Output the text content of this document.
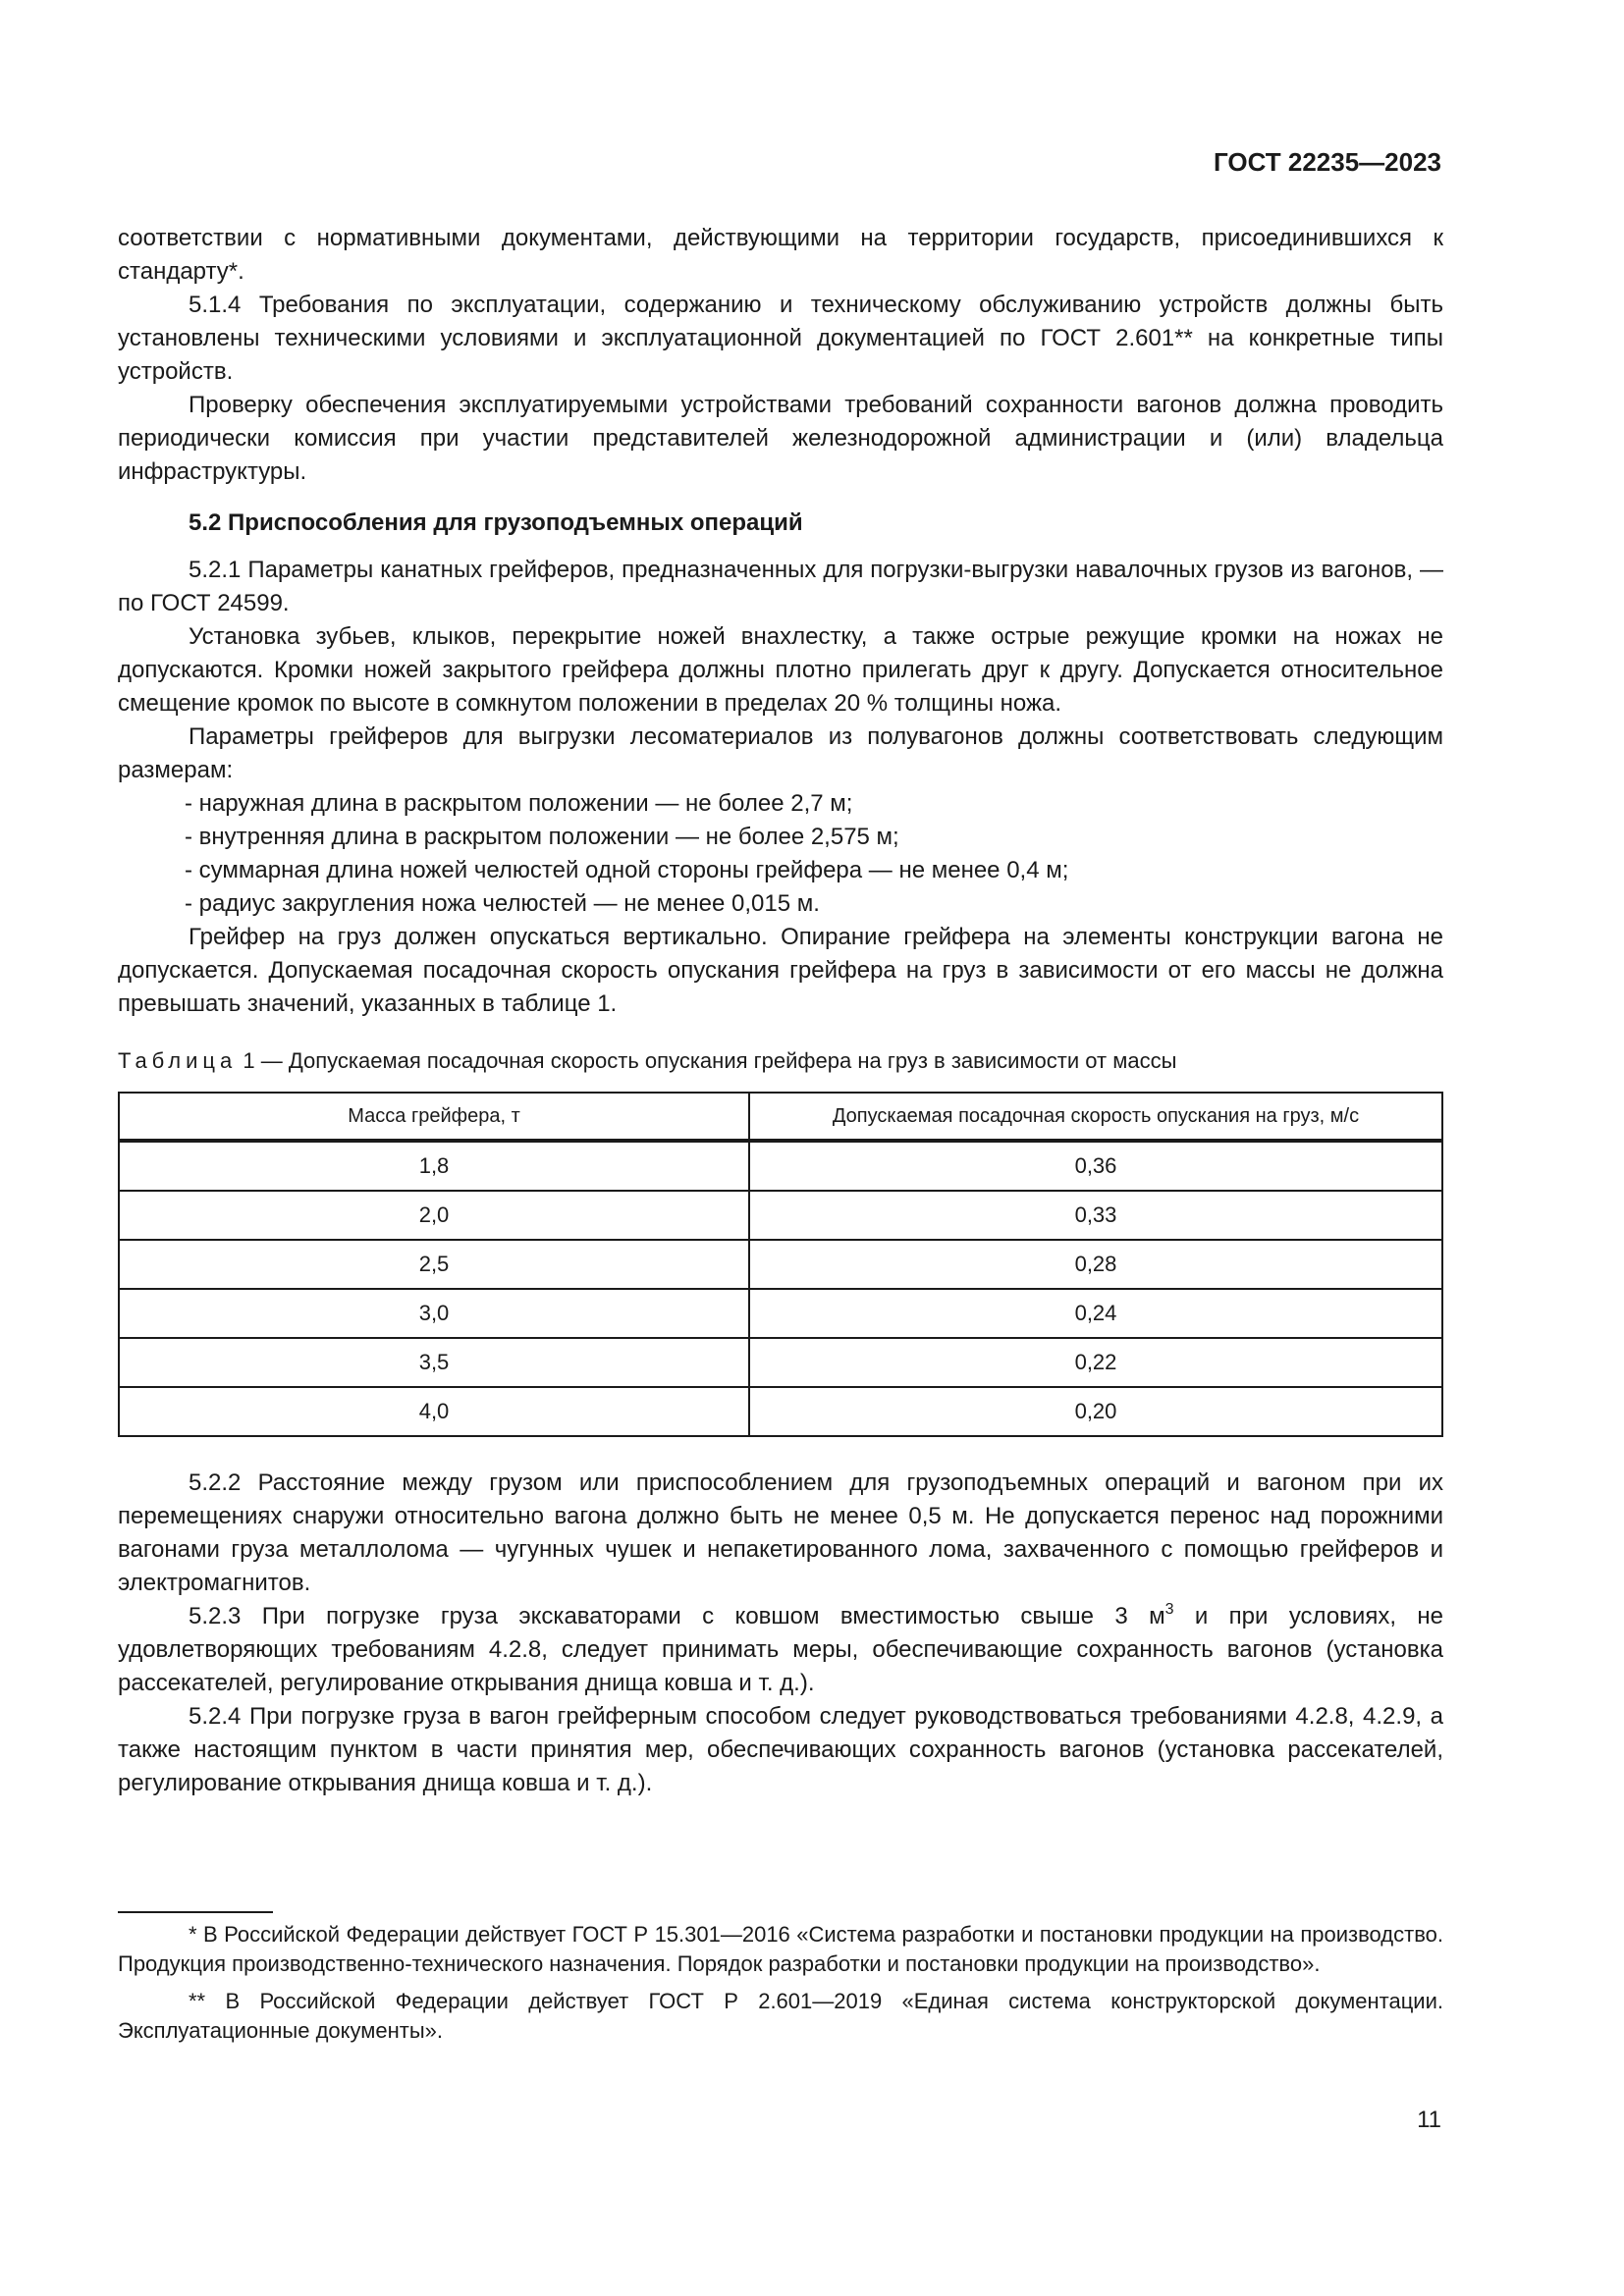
ГОСТ 22235—2023

соответствии с нормативными документами, действующими на территории государств, присоединившихся к стандарту*.

5.1.4 Требования по эксплуатации, содержанию и техническому обслуживанию устройств должны быть установлены техническими условиями и эксплуатационной документацией по ГОСТ 2.601** на конкретные типы устройств.

Проверку обеспечения эксплуатируемыми устройствами требований сохранности вагонов должна проводить периодически комиссия при участии представителей железнодорожной администрации и (или) владельца инфраструктуры.

5.2 Приспособления для грузоподъемных операций

5.2.1 Параметры канатных грейферов, предназначенных для погрузки-выгрузки навалочных грузов из вагонов, — по ГОСТ 24599.

Установка зубьев, клыков, перекрытие ножей внахлестку, а также острые режущие кромки на ножах не допускаются. Кромки ножей закрытого грейфера должны плотно прилегать друг к другу. Допускается относительное смещение кромок по высоте в сомкнутом положении в пределах 20 % толщины ножа.

Параметры грейферов для выгрузки лесоматериалов из полувагонов должны соответствовать следующим размерам:

- наружная длина в раскрытом положении — не более 2,7 м;

- внутренняя длина в раскрытом положении — не более 2,575 м;

- суммарная длина ножей челюстей одной стороны грейфера — не менее 0,4 м;

- радиус закругления ножа челюстей — не менее 0,015 м.

Грейфер на груз должен опускаться вертикально. Опирание грейфера на элементы конструкции вагона не допускается. Допускаемая посадочная скорость опускания грейфера на груз в зависимости от его массы не должна превышать значений, указанных в таблице 1.

Таблица 1 — Допускаемая посадочная скорость опускания грейфера на груз в зависимости от массы

Масса грейфера, т	Допускаемая посадочная скорость опускания на груз, м/с
1,8	0,36
2,0	0,33
2,5	0,28
3,0	0,24
3,5	0,22
4,0	0,20

5.2.2 Расстояние между грузом или приспособлением для грузоподъемных операций и вагоном при их перемещениях снаружи относительно вагона должно быть не менее 0,5 м. Не допускается перенос над порожними вагонами груза металлолома — чугунных чушек и непакетированного лома, захваченного с помощью грейферов и электромагнитов.

5.2.3 При погрузке груза экскаваторами с ковшом вместимостью свыше 3 $м^3$ и при условиях, не удовлетворяющих требованиям 4.2.8, следует принимать меры, обеспечивающие сохранность вагонов (установка рассекателей, регулирование открывания днища ковша и т. д.).

5.2.4 При погрузке груза в вагон грейферным способом следует руководствоваться требованиями 4.2.8, 4.2.9, а также настоящим пунктом в части принятия мер, обеспечивающих сохранность вагонов (установка рассекателей, регулирование открывания днища ковша и т. д.).

* В Российской Федерации действует ГОСТ Р 15.301—2016 «Система разработки и постановки продукции на производство. Продукция производственно-технического назначения. Порядок разработки и постановки продукции на производство».

** В Российской Федерации действует ГОСТ Р 2.601—2019 «Единая система конструкторской документации. Эксплуатационные документы».

11
